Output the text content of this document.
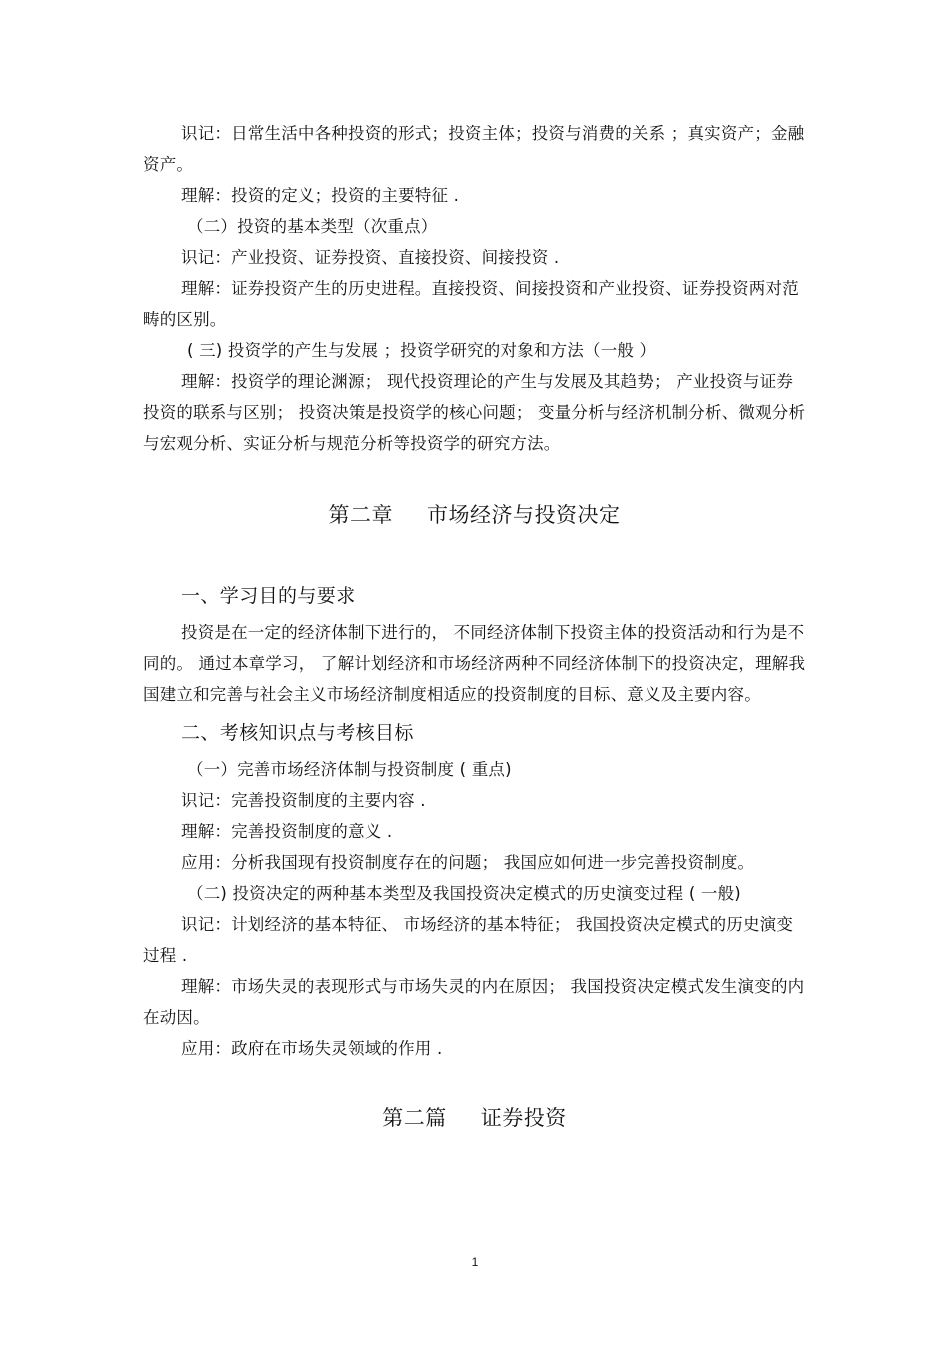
识记：日常生活中各种投资的形式；投资主体；投资与消费的关系 ；真实资产；金融资产。

理解：投资的定义；投资的主要特征 .

（二）投资的基本类型（次重点）

识记：产业投资、证券投资、直接投资、间接投资 .

理解：证券投资产生的历史进程。直接投资、间接投资和产业投资、证券投资两对范畴的区别。

( 三) 投资学的产生与发展 ；投资学研究的对象和方法（一般 ）

理解：投资学的理论渊源； 现代投资理论的产生与发展及其趋势； 产业投资与证券投资的联系与区别； 投资决策是投资学的核心问题； 变量分析与经济机制分析、微观分析与宏观分析、实证分析与规范分析等投资学的研究方法。

第二章 市场经济与投资决定

一、学习目的与要求

投资是在一定的经济体制下进行的， 不同经济体制下投资主体的投资活动和行为是不同的。 通过本章学习， 了解计划经济和市场经济两种不同经济体制下的投资决定，理解我国建立和完善与社会主义市场经济制度相适应的投资制度的目标、意义及主要内容。

二、考核知识点与考核目标

（一）完善市场经济体制与投资制度 ( 重点)

识记：完善投资制度的主要内容 .

理解：完善投资制度的意义 .

应用：分析我国现有投资制度存在的问题； 我国应如何进一步完善投资制度。

（二) 投资决定的两种基本类型及我国投资决定模式的历史演变过程 ( 一般)

识记：计划经济的基本特征、 市场经济的基本特征； 我国投资决定模式的历史演变过程 .

理解：市场失灵的表现形式与市场失灵的内在原因； 我国投资决定模式发生演变的内在动因。

应用：政府在市场失灵领域的作用 .

第二篇 证券投资

1
